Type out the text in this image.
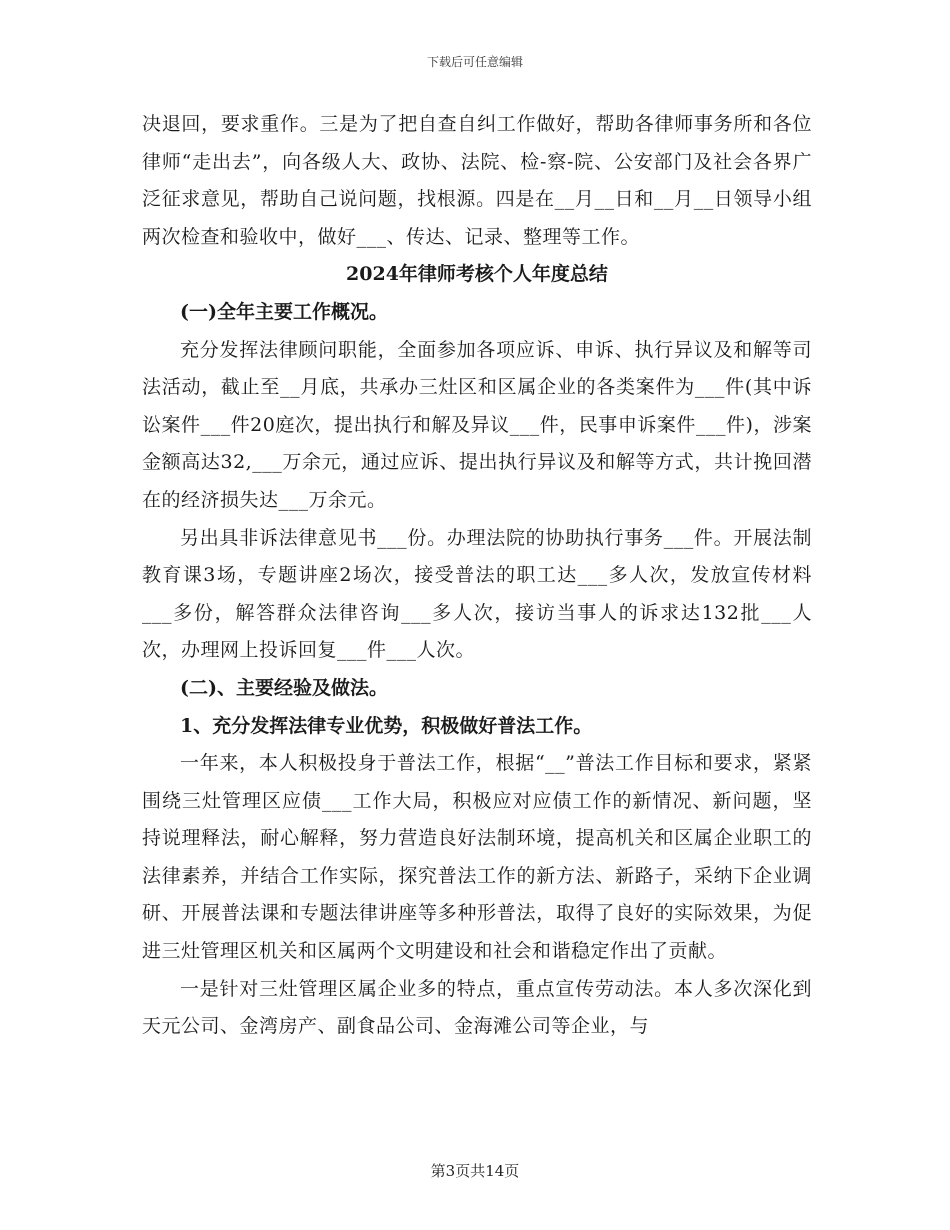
下载后可任意编辑

决退回，要求重作。三是为了把自查自纠工作做好，帮助各律师事务所和各位律师“走出去”，向各级人大、政协、法院、检-察-院、公安部门及社会各界广泛征求意见，帮助自己说问题，找根源。四是在__月__日和__月__日领导小组两次检查和验收中，做好___、传达、记录、整理等工作。

2024年律师考核个人年度总结

(一)全年主要工作概况。

充分发挥法律顾问职能，全面参加各项应诉、申诉、执行异议及和解等司法活动，截止至__月底，共承办三灶区和区属企业的各类案件为___件(其中诉讼案件___件20庭次，提出执行和解及异议___件，民事申诉案件___件)，涉案金额高达32,___万余元，通过应诉、提出执行异议及和解等方式，共计挽回潜在的经济损失达___万余元。

另出具非诉法律意见书___份。办理法院的协助执行事务___件。开展法制教育课3场，专题讲座2场次，接受普法的职工达___多人次，发放宣传材料___多份，解答群众法律咨询___多人次，接访当事人的诉求达132批___人次，办理网上投诉回复___件___人次。

(二)、主要经验及做法。

1、充分发挥法律专业优势，积极做好普法工作。

一年来，本人积极投身于普法工作，根据“__”普法工作目标和要求，紧紧围绕三灶管理区应债___工作大局，积极应对应债工作的新情况、新问题，坚持说理释法，耐心解释，努力营造良好法制环境，提高机关和区属企业职工的法律素养，并结合工作实际，探究普法工作的新方法、新路子，采纳下企业调研、开展普法课和专题法律讲座等多种形普法，取得了良好的实际效果，为促进三灶管理区机关和区属两个文明建设和社会和谐稳定作出了贡献。

一是针对三灶管理区属企业多的特点，重点宣传劳动法。本人多次深化到天元公司、金湾房产、副食品公司、金海滩公司等企业，与

第3页共14页
